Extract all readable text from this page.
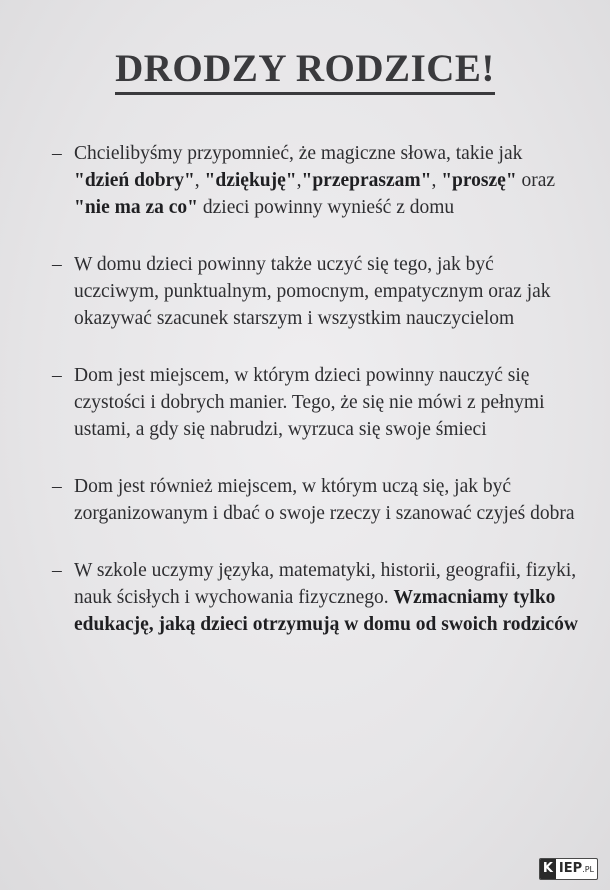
DRODZY RODZICE!
– Chcielibyśmy przypomnieć, że magiczne słowa, takie jak "dzień dobry", "dziękuję","przepraszam", "proszę" oraz "nie ma za co" dzieci powinny wynieść z domu
– W domu dzieci powinny także uczyć się tego, jak być uczciwym, punktualnym, pomocnym, empatycznym oraz jak okazywać szacunek starszym i wszystkim nauczycielom
– Dom jest miejscem, w którym dzieci powinny nauczyć się czystości i dobrych manier. Tego, że się nie mówi z pełnymi ustami, a gdy się nabrudzi, wyrzuca się swoje śmieci
– Dom jest również miejscem, w którym uczą się, jak być zorganizowanym i dbać o swoje rzeczy i szanować czyjeś dobra
– W szkole uczymy języka, matematyki, historii, geografii, fizyki, nauk ścisłych i wychowania fizycznego. Wzmacniamy tylko edukację, jaką dzieci otrzymują w domu od swoich rodziców
K IEP.PL
